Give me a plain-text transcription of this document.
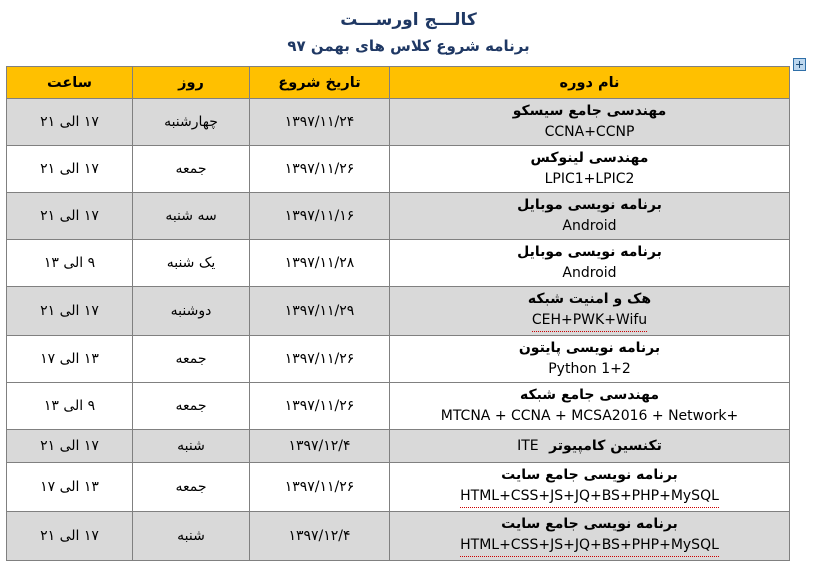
کالـــج اورســـت
برنامه شروع کلاس های بهمن ۹۷
نام دوره	تاریخ شروع	روز	ساعت

مهندسی جامع سیسکو
CCNA+CCNP	۱۳۹۷/۱۱/۲۴	چهارشنبه	۱۷ الی ۲۱

مهندسی لینوکس
LPIC1+LPIC2	۱۳۹۷/۱۱/۲۶	جمعه	۱۷ الی ۲۱

برنامه نویسی موبایل
Android	۱۳۹۷/۱۱/۱۶	سه شنبه	۱۷ الی ۲۱

برنامه نویسی موبایل
Android	۱۳۹۷/۱۱/۲۸	یک شنبه	۹ الی ۱۳

هک و امنیت شبکه
CEH+PWK+Wifu	۱۳۹۷/۱۱/۲۹	دوشنبه	۱۷ الی ۲۱

برنامه نویسی پایتون
Python 1+2	۱۳۹۷/۱۱/۲۶	جمعه	۱۳ الی ۱۷

مهندسی جامع شبکه
MTCNA + CCNA + MCSA2016 + Network+	۱۳۹۷/۱۱/۲۶	جمعه	۹ الی ۱۳
تکنسین کامپیوتر ITE	۱۳۹۷/۱۲/۴	شنبه	۱۷ الی ۲۱

برنامه نویسی جامع سایت
HTML+CSS+JS+JQ+BS+PHP+MySQL	۱۳۹۷/۱۱/۲۶	جمعه	۱۳ الی ۱۷

برنامه نویسی جامع سایت
HTML+CSS+JS+JQ+BS+PHP+MySQL	۱۳۹۷/۱۲/۴	شنبه	۱۷ الی ۲۱
